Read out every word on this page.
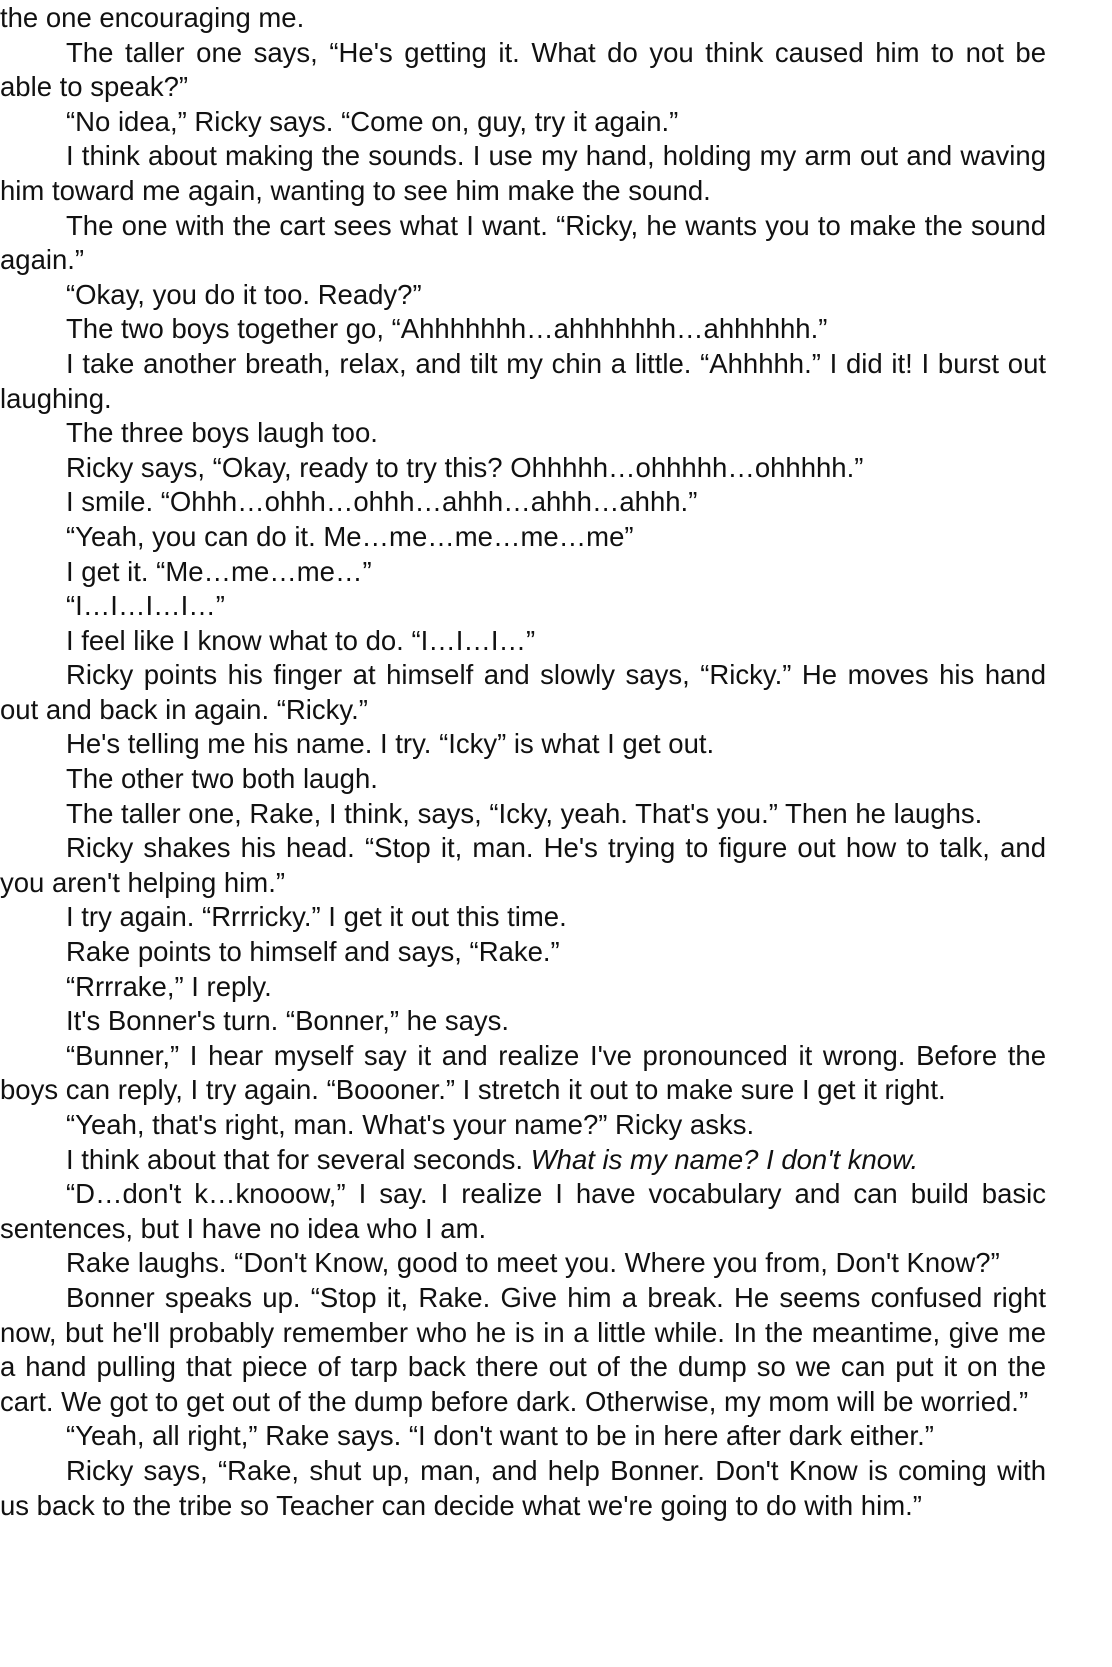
the one encouraging me.

The taller one says, “He's getting it. What do you think caused him to not be able to speak?”

“No idea,” Ricky says. “Come on, guy, try it again.”

I think about making the sounds. I use my hand, holding my arm out and waving him toward me again, wanting to see him make the sound.

The one with the cart sees what I want. “Ricky, he wants you to make the sound again.”

“Okay, you do it too. Ready?”

The two boys together go, “Ahhhhhhh…ahhhhhhh…ahhhhhh.”

I take another breath, relax, and tilt my chin a little. “Ahhhhh.” I did it! I burst out laughing.

The three boys laugh too.

Ricky says, “Okay, ready to try this? Ohhhhh…ohhhhh…ohhhhh.”

I smile. “Ohhh…ohhh…ohhh…ahhh…ahhh…ahhh.”

“Yeah, you can do it. Me…me…me…me…me”

I get it. “Me…me…me…”

“I…I…I…I…”

I feel like I know what to do. “I…I…I…”

Ricky points his finger at himself and slowly says, “Ricky.” He moves his hand out and back in again. “Ricky.”

He's telling me his name. I try. “Icky” is what I get out.

The other two both laugh.

The taller one, Rake, I think, says, “Icky, yeah. That's you.” Then he laughs.

Ricky shakes his head. “Stop it, man. He's trying to figure out how to talk, and you aren't helping him.”

I try again. “Rrrricky.” I get it out this time.

Rake points to himself and says, “Rake.”

“Rrrrake,” I reply.

It's Bonner's turn. “Bonner,” he says.

“Bunner,” I hear myself say it and realize I've pronounced it wrong. Before the boys can reply, I try again. “Boooner.” I stretch it out to make sure I get it right.

“Yeah, that's right, man. What's your name?” Ricky asks.

I think about that for several seconds. What is my name? I don't know.

“D…don't k…knooow,” I say. I realize I have vocabulary and can build basic sentences, but I have no idea who I am.

Rake laughs. “Don't Know, good to meet you. Where you from, Don't Know?”

Bonner speaks up. “Stop it, Rake. Give him a break. He seems confused right now, but he'll probably remember who he is in a little while. In the meantime, give me a hand pulling that piece of tarp back there out of the dump so we can put it on the cart. We got to get out of the dump before dark. Otherwise, my mom will be worried.”

“Yeah, all right,” Rake says. “I don't want to be in here after dark either.”

Ricky says, “Rake, shut up, man, and help Bonner. Don't Know is coming with us back to the tribe so Teacher can decide what we're going to do with him.”
